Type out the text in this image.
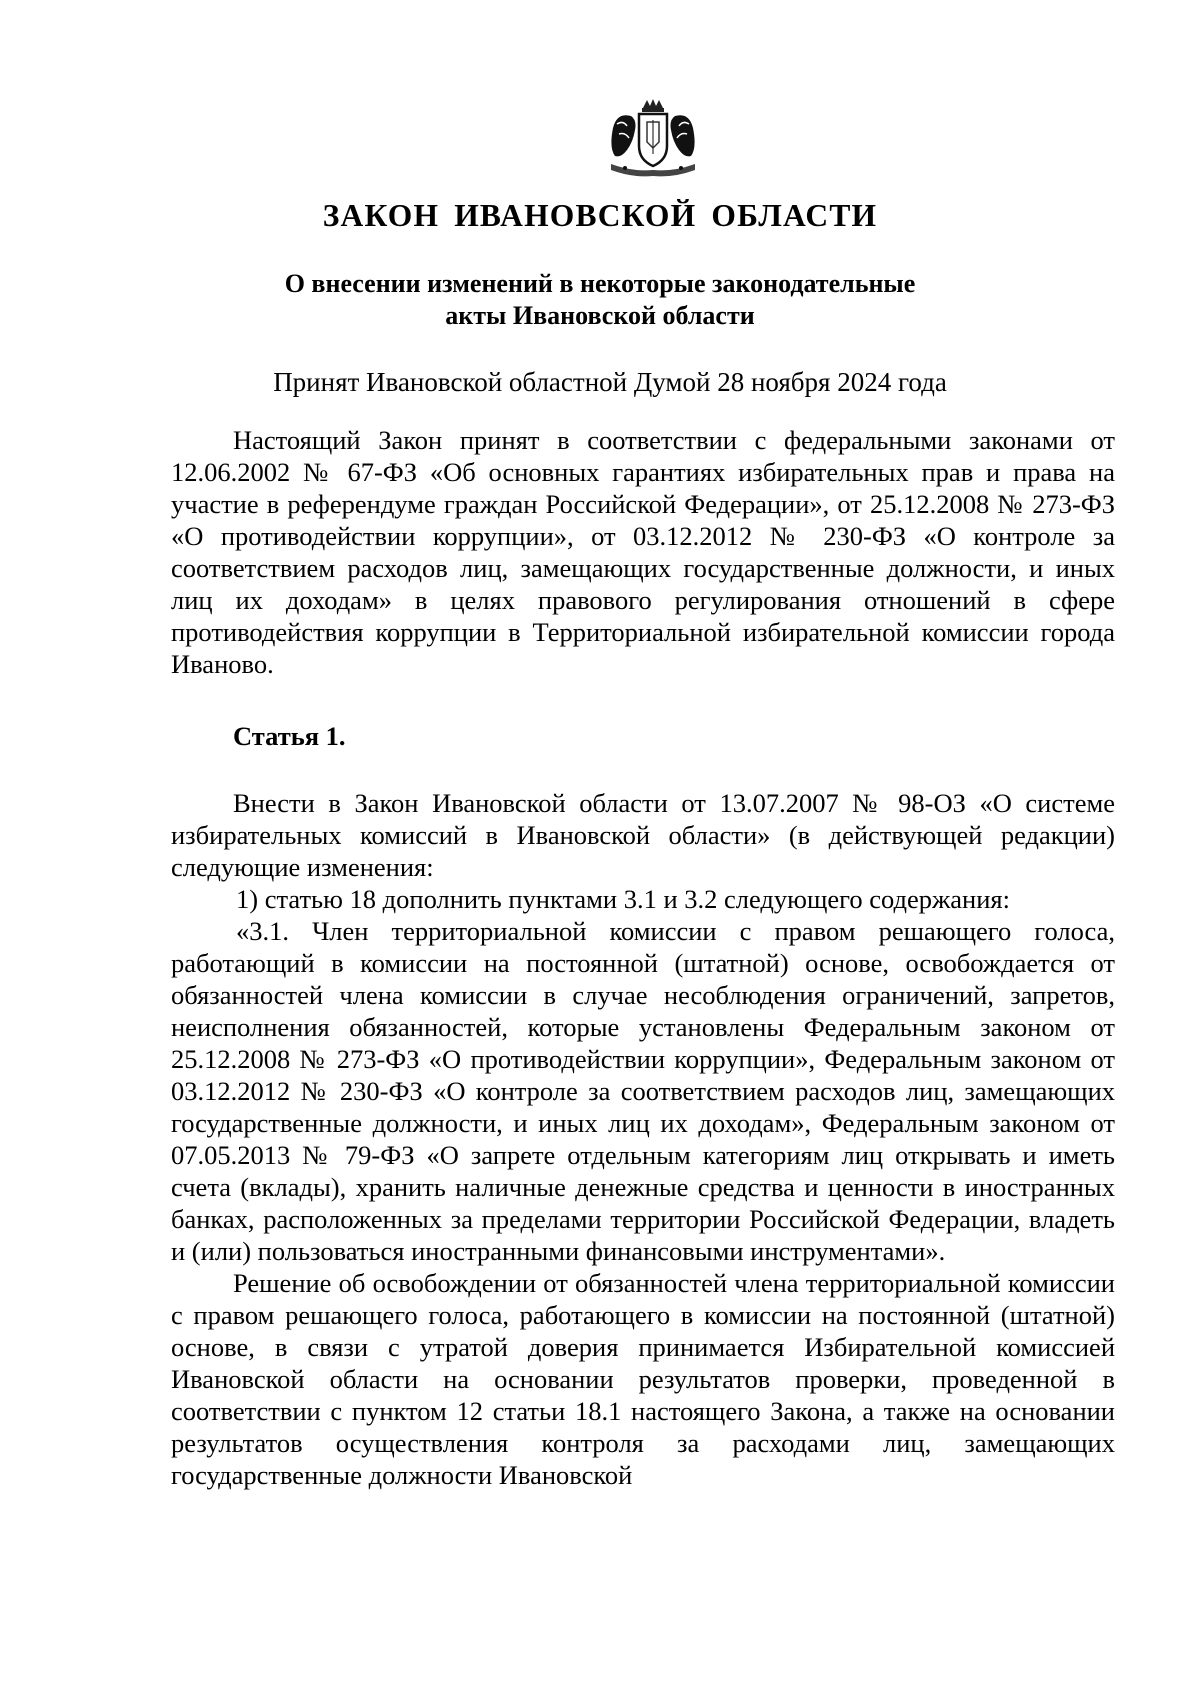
ЗАКОН ИВАНОВСКОЙ ОБЛАСТИ
О внесении изменений в некоторые законодательные
акты Ивановской области
Принят Ивановской областной Думой 28 ноября 2024 года

Настоящий Закон принят в соответствии с федеральными законами от 12.06.2002 № 67-ФЗ «Об основных гарантиях избирательных прав и права на участие в референдуме граждан Российской Федерации», от 25.12.2008 № 273-ФЗ «О противодействии коррупции», от 03.12.2012 № 230-ФЗ «О контроле за соответствием расходов лиц, замещающих государственные должности, и иных лиц их доходам» в целях правового регулирования отношений в сфере противодействия коррупции в Территориальной избирательной комиссии города Иваново.

Статья 1.

Внести в Закон Ивановской области от 13.07.2007 № 98-ОЗ «О системе избирательных комиссий в Ивановской области» (в действующей редакции) следующие изменения:

1) статью 18 дополнить пунктами 3.1 и 3.2 следующего содержания:

«3.1. Член территориальной комиссии с правом решающего голоса, работающий в комиссии на постоянной (штатной) основе, освобождается от обязанностей члена комиссии в случае несоблюдения ограничений, запретов, неисполнения обязанностей, которые установлены Федеральным законом от 25.12.2008 № 273-ФЗ «О противодействии коррупции», Федеральным законом от 03.12.2012 № 230-ФЗ «О контроле за соответствием расходов лиц, замещающих государственные должности, и иных лиц их доходам», Федеральным законом от 07.05.2013 № 79-ФЗ «О запрете отдельным категориям лиц открывать и иметь счета (вклады), хранить наличные денежные средства и ценности в иностранных банках, расположенных за пределами территории Российской Федерации, владеть и (или) пользоваться иностранными финансовыми инструментами».

Решение об освобождении от обязанностей члена территориальной комиссии с правом решающего голоса, работающего в комиссии на постоянной (штатной) основе, в связи с утратой доверия принимается Избирательной комиссией Ивановской области на основании результатов проверки, проведенной в соответствии с пунктом 12 статьи 18.1 настоящего Закона, а также на основании результатов осуществления контроля за расходами лиц, замещающих государственные должности Ивановской
